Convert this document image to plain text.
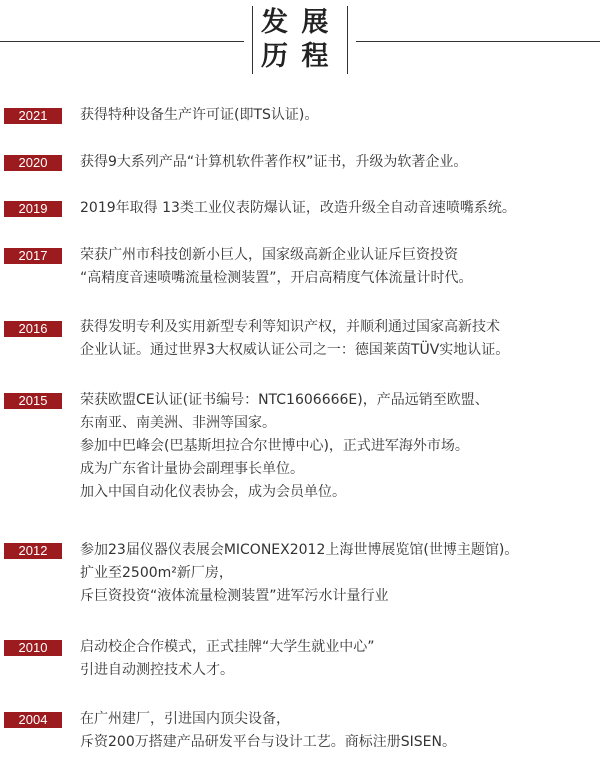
发 展
历 程
2021	获得特种设备生产许可证(即TS认证)。
2020	获得9大系列产品“计算机软件著作权”证书，升级为软著企业。
2019	2019年取得 13类工业仪表防爆认证，改造升级全自动音速喷嘴系统。
2017	荣获广州市科技创新小巨人，国家级高新企业认证斥巨资投资
“高精度音速喷嘴流量检测装置”，开启高精度气体流量计时代。
2016	获得发明专利及实用新型专利等知识产权，并顺利通过国家高新技术
企业认证。通过世界3大权威认证公司之一：德国莱茵TÜV实地认证。
2015	荣获欧盟CE认证(证书编号：NTC1606666E)，产品远销至欧盟、
东南亚、南美洲、非洲等国家。
参加中巴峰会(巴基斯坦拉合尔世博中心)，正式进军海外市场。
成为广东省计量协会副理事长单位。
加入中国自动化仪表协会，成为会员单位。
2012	参加23届仪器仪表展会MICONEX2012上海世博展览馆(世博主题馆)。
扩业至2500m²新厂房，
斥巨资投资“液体流量检测装置”进军污水计量行业
2010	启动校企合作模式，正式挂牌“大学生就业中心”
引进自动测控技术人才。
2004	在广州建厂，引进国内顶尖设备，
斥资200万搭建产品研发平台与设计工艺。商标注册SISEN。
